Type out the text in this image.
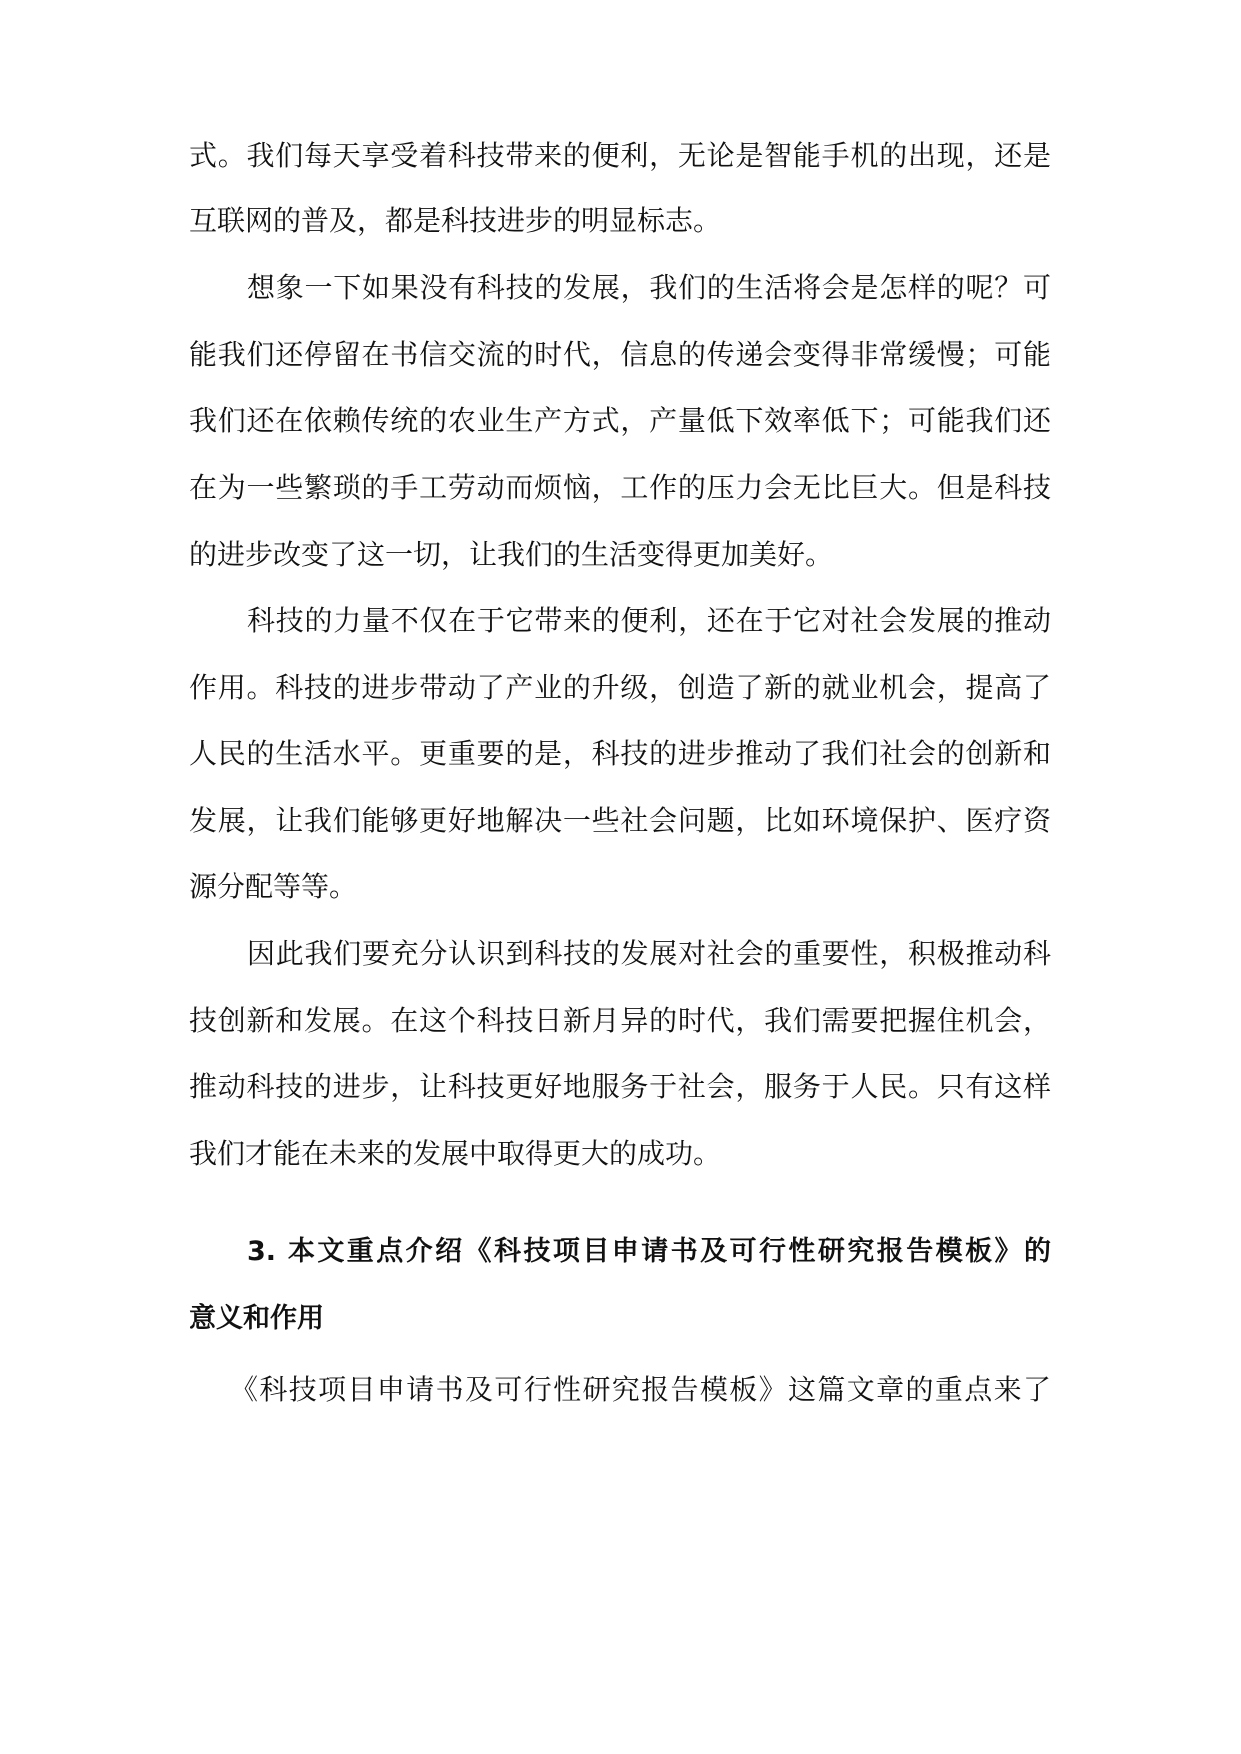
式。我们每天享受着科技带来的便利，无论是智能手机的出现，还是
互联网的普及，都是科技进步的明显标志。
想象一下如果没有科技的发展，我们的生活将会是怎样的呢？可
能我们还停留在书信交流的时代，信息的传递会变得非常缓慢；可能
我们还在依赖传统的农业生产方式，产量低下效率低下；可能我们还
在为一些繁琐的手工劳动而烦恼，工作的压力会无比巨大。但是科技
的进步改变了这一切，让我们的生活变得更加美好。
科技的力量不仅在于它带来的便利，还在于它对社会发展的推动
作用。科技的进步带动了产业的升级，创造了新的就业机会，提高了
人民的生活水平。更重要的是，科技的进步推动了我们社会的创新和
发展，让我们能够更好地解决一些社会问题，比如环境保护、医疗资
源分配等等。
因此我们要充分认识到科技的发展对社会的重要性，积极推动科
技创新和发展。在这个科技日新月异的时代，我们需要把握住机会，
推动科技的进步，让科技更好地服务于社会，服务于人民。只有这样
我们才能在未来的发展中取得更大的成功。
3. 本文重点介绍《科技项目申请书及可行性研究报告模板》的
意义和作用
《科技项目申请书及可行性研究报告模板》这篇文章的重点来了
